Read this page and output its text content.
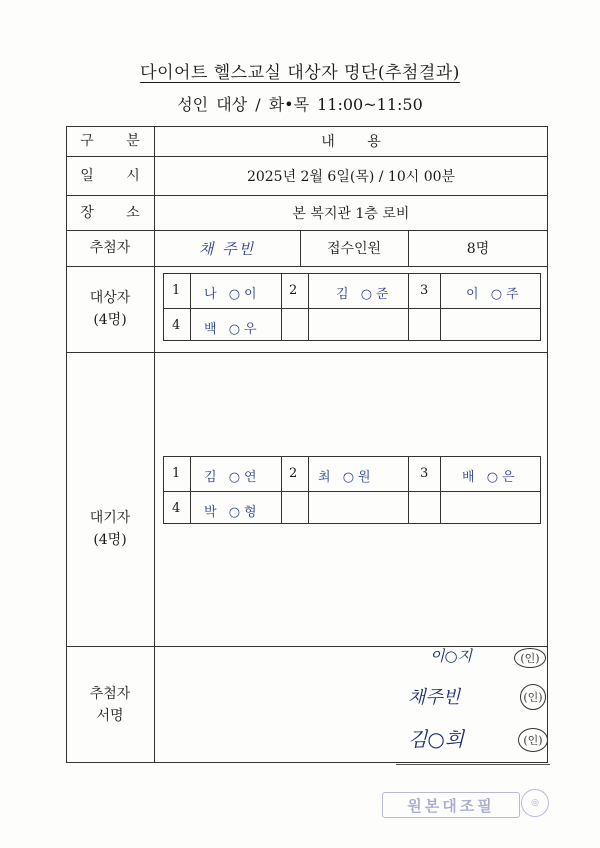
다이어트 헬스교실 대상자 명단(추첨결과)
성인 대상 / 화•목 11:00~11:50
구 분	내 용
일 시	2025년 2월 6일(목) / 10시 00분
장 소	본 복지관 1층 로비
추첨자	채 주빈	접수인원	8명
대상자
(4명)
1 나 ○이 2	김 ○준 3	이 ○주
4 백 ○우
대기자
(4명)
1 김 ○연 2 최 ○원	3	배 ○은
4 박 ○형
추첨자
서명
이○지	(인)
채주빈	(인)
김○희	(인)
원본대조필	◎
